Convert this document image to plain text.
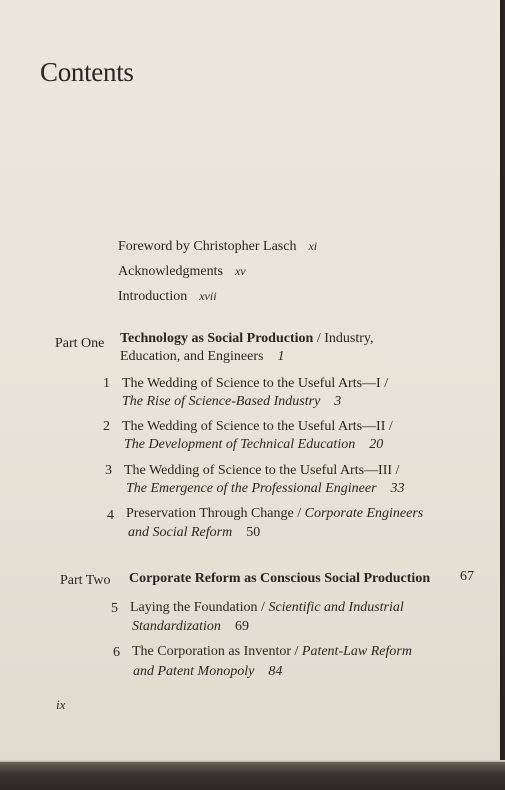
Contents
Foreword by Christopher Lasch xi
Acknowledgments xv
Introduction xvii
Part One Technology as Social Production / Industry,
Education, and Engineers 1
1 The Wedding of Science to the Useful Arts—I /
The Rise of Science-Based Industry 3
2 The Wedding of Science to the Useful Arts—II /
The Development of Technical Education 20
3 The Wedding of Science to the Useful Arts—III /
The Emergence of the Professional Engineer 33
4 Preservation Through Change / Corporate Engineers
and Social Reform 50
Part Two Corporate Reform as Conscious Social Production 67
5 Laying the Foundation / Scientific and Industrial
Standardization 69
6 The Corporation as Inventor / Patent-Law Reform
and Patent Monopoly 84
ix
